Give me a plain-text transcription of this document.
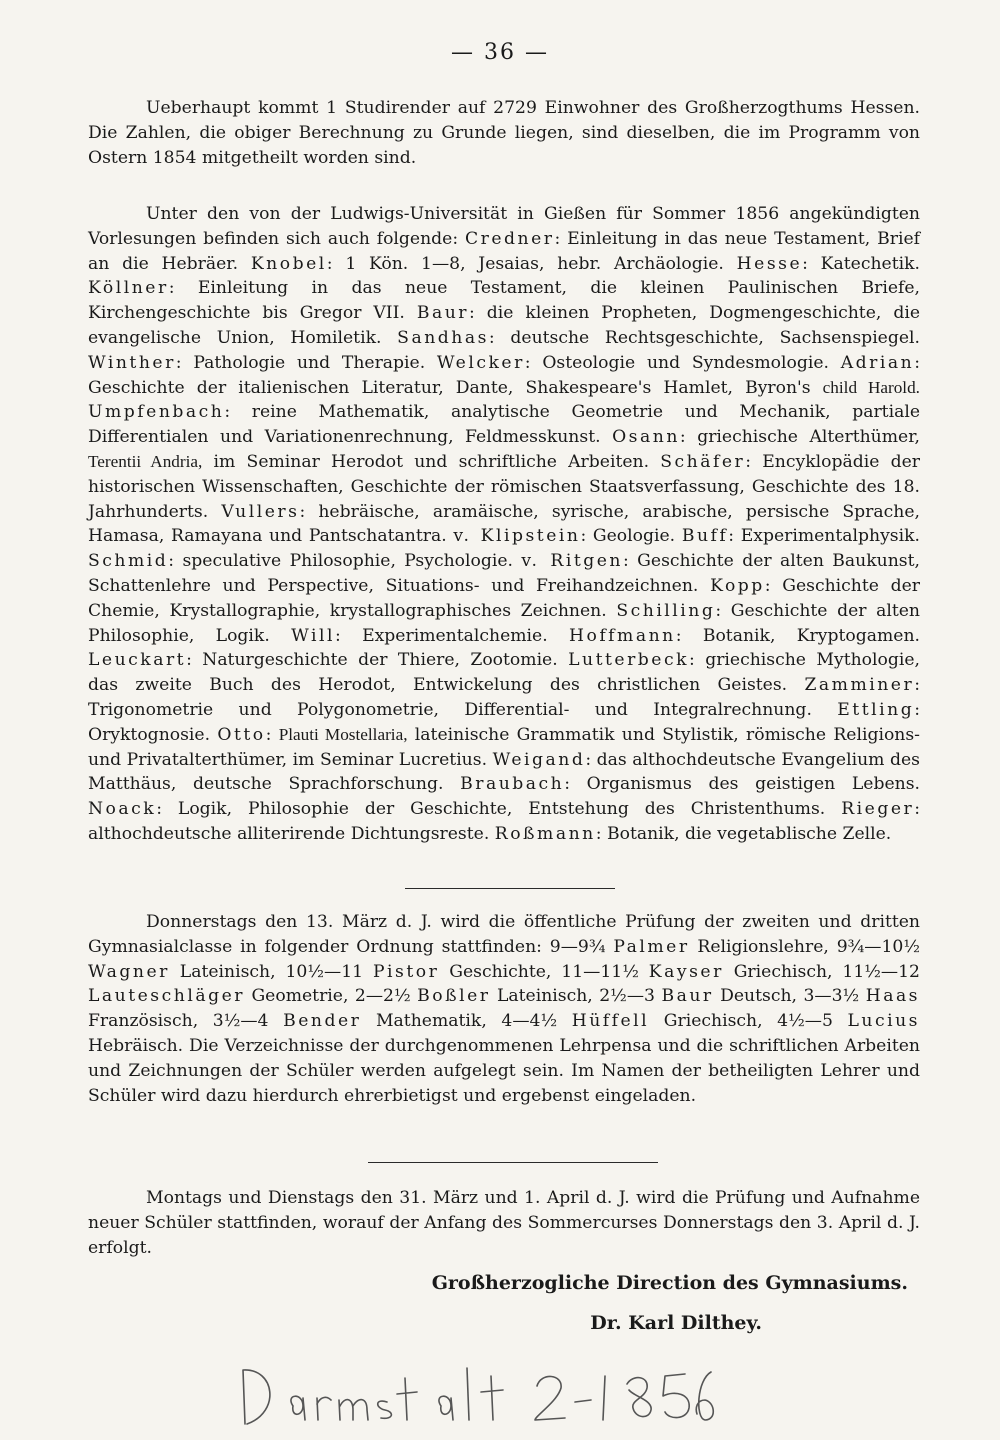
— 36 —
Ueberhaupt kommt 1 Studirender auf 2729 Einwohner des Großherzogthums Hessen. Die Zahlen, die obiger Berechnung zu Grunde liegen, sind dieselben, die im Programm von Ostern 1854 mitgetheilt worden sind.
Unter den von der Ludwigs-Universität in Gießen für Sommer 1856 angekündigten Vorlesungen befinden sich auch folgende: Credner: Einleitung in das neue Testament, Brief an die Hebräer. Knobel: 1 Kön. 1—8, Jesaias, hebr. Archäologie. Hesse: Katechetik. Köllner: Einleitung in das neue Testament, die kleinen Paulinischen Briefe, Kirchengeschichte bis Gregor VII. Baur: die kleinen Propheten, Dogmengeschichte, die evangelische Union, Homiletik. Sandhas: deutsche Rechtsgeschichte, Sachsenspiegel. Winther: Pathologie und Therapie. Welcker: Osteologie und Syndesmologie. Adrian: Geschichte der italienischen Literatur, Dante, Shakespeare's Hamlet, Byron's child Harold. Umpfenbach: reine Mathematik, analytische Geometrie und Mechanik, partiale Differentialen und Variationenrechnung, Feldmesskunst. Osann: griechische Alterthümer, Terentii Andria, im Seminar Herodot und schriftliche Arbeiten. Schäfer: Encyklopädie der historischen Wissenschaften, Geschichte der römischen Staatsverfassung, Geschichte des 18. Jahrhunderts. Vullers: hebräische, aramäische, syrische, arabische, persische Sprache, Hamasa, Ramayana und Pantschatantra. v. Klipstein: Geologie. Buff: Experimentalphysik. Schmid: speculative Philosophie, Psychologie. v. Ritgen: Geschichte der alten Baukunst, Schattenlehre und Perspective, Situations- und Freihandzeichnen. Kopp: Geschichte der Chemie, Krystallographie, krystallographisches Zeichnen. Schilling: Geschichte der alten Philosophie, Logik. Will: Experimentalchemie. Hoffmann: Botanik, Kryptogamen. Leuckart: Naturgeschichte der Thiere, Zootomie. Lutterbeck: griechische Mythologie, das zweite Buch des Herodot, Entwickelung des christlichen Geistes. Zamminer: Trigonometrie und Polygonometrie, Differential- und Integralrechnung. Ettling: Oryktognosie. Otto: Plauti Mostellaria, lateinische Grammatik und Stylistik, römische Religions- und Privatalterthümer, im Seminar Lucretius. Weigand: das althochdeutsche Evangelium des Matthäus, deutsche Sprachforschung. Braubach: Organismus des geistigen Lebens. Noack: Logik, Philosophie der Geschichte, Entstehung des Christenthums. Rieger: althochdeutsche alliterirende Dichtungsreste. Roßmann: Botanik, die vegetablische Zelle.
Donnerstags den 13. März d. J. wird die öffentliche Prüfung der zweiten und dritten Gymnasialclasse in folgender Ordnung stattfinden: 9—9¾ Palmer Religionslehre, 9¾—10½ Wagner Lateinisch, 10½—11 Pistor Geschichte, 11—11½ Kayser Griechisch, 11½—12 Lauteschläger Geometrie, 2—2½ Boßler Lateinisch, 2½—3 Baur Deutsch, 3—3½ Haas Französisch, 3½—4 Bender Mathematik, 4—4½ Hüffell Griechisch, 4½—5 Lucius Hebräisch. Die Verzeichnisse der durchgenommenen Lehrpensa und die schriftlichen Arbeiten und Zeichnungen der Schüler werden aufgelegt sein. Im Namen der betheiligten Lehrer und Schüler wird dazu hierdurch ehrerbietigst und ergebenst eingeladen.
Montags und Dienstags den 31. März und 1. April d. J. wird die Prüfung und Aufnahme neuer Schüler stattfinden, worauf der Anfang des Sommercurses Donnerstags den 3. April d. J. erfolgt.
Großherzogliche Direction des Gymnasiums.
Dr. Karl Dilthey.
